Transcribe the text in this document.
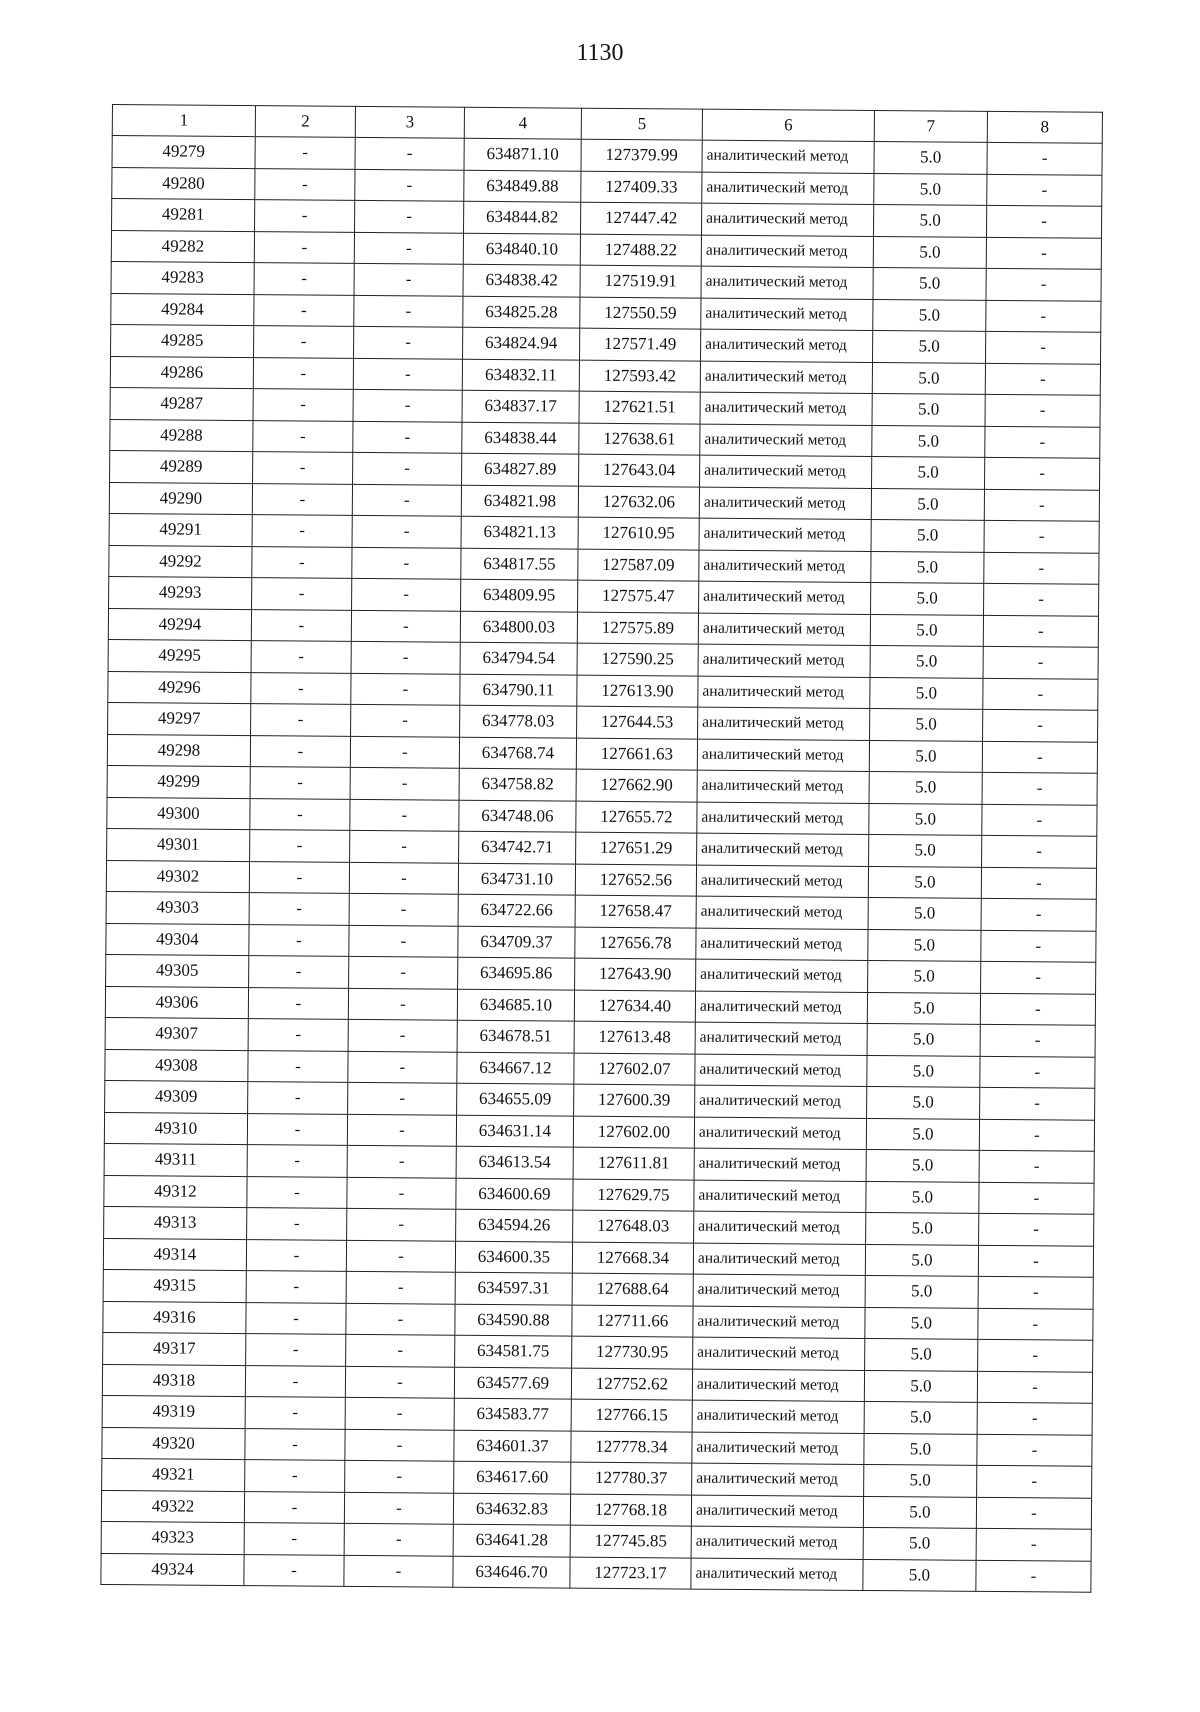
1130
1	2	3	4	5	6	7	8
49279	-	-	634871.10	127379.99	аналитический метод	5.0	-
49280	-	-	634849.88	127409.33	аналитический метод	5.0	-
49281	-	-	634844.82	127447.42	аналитический метод	5.0	-
49282	-	-	634840.10	127488.22	аналитический метод	5.0	-
49283	-	-	634838.42	127519.91	аналитический метод	5.0	-
49284	-	-	634825.28	127550.59	аналитический метод	5.0	-
49285	-	-	634824.94	127571.49	аналитический метод	5.0	-
49286	-	-	634832.11	127593.42	аналитический метод	5.0	-
49287	-	-	634837.17	127621.51	аналитический метод	5.0	-
49288	-	-	634838.44	127638.61	аналитический метод	5.0	-
49289	-	-	634827.89	127643.04	аналитический метод	5.0	-
49290	-	-	634821.98	127632.06	аналитический метод	5.0	-
49291	-	-	634821.13	127610.95	аналитический метод	5.0	-
49292	-	-	634817.55	127587.09	аналитический метод	5.0	-
49293	-	-	634809.95	127575.47	аналитический метод	5.0	-
49294	-	-	634800.03	127575.89	аналитический метод	5.0	-
49295	-	-	634794.54	127590.25	аналитический метод	5.0	-
49296	-	-	634790.11	127613.90	аналитический метод	5.0	-
49297	-	-	634778.03	127644.53	аналитический метод	5.0	-
49298	-	-	634768.74	127661.63	аналитический метод	5.0	-
49299	-	-	634758.82	127662.90	аналитический метод	5.0	-
49300	-	-	634748.06	127655.72	аналитический метод	5.0	-
49301	-	-	634742.71	127651.29	аналитический метод	5.0	-
49302	-	-	634731.10	127652.56	аналитический метод	5.0	-
49303	-	-	634722.66	127658.47	аналитический метод	5.0	-
49304	-	-	634709.37	127656.78	аналитический метод	5.0	-
49305	-	-	634695.86	127643.90	аналитический метод	5.0	-
49306	-	-	634685.10	127634.40	аналитический метод	5.0	-
49307	-	-	634678.51	127613.48	аналитический метод	5.0	-
49308	-	-	634667.12	127602.07	аналитический метод	5.0	-
49309	-	-	634655.09	127600.39	аналитический метод	5.0	-
49310	-	-	634631.14	127602.00	аналитический метод	5.0	-
49311	-	-	634613.54	127611.81	аналитический метод	5.0	-
49312	-	-	634600.69	127629.75	аналитический метод	5.0	-
49313	-	-	634594.26	127648.03	аналитический метод	5.0	-
49314	-	-	634600.35	127668.34	аналитический метод	5.0	-
49315	-	-	634597.31	127688.64	аналитический метод	5.0	-
49316	-	-	634590.88	127711.66	аналитический метод	5.0	-
49317	-	-	634581.75	127730.95	аналитический метод	5.0	-
49318	-	-	634577.69	127752.62	аналитический метод	5.0	-
49319	-	-	634583.77	127766.15	аналитический метод	5.0	-
49320	-	-	634601.37	127778.34	аналитический метод	5.0	-
49321	-	-	634617.60	127780.37	аналитический метод	5.0	-
49322	-	-	634632.83	127768.18	аналитический метод	5.0	-
49323	-	-	634641.28	127745.85	аналитический метод	5.0	-
49324	-	-	634646.70	127723.17	аналитический метод	5.0	-
